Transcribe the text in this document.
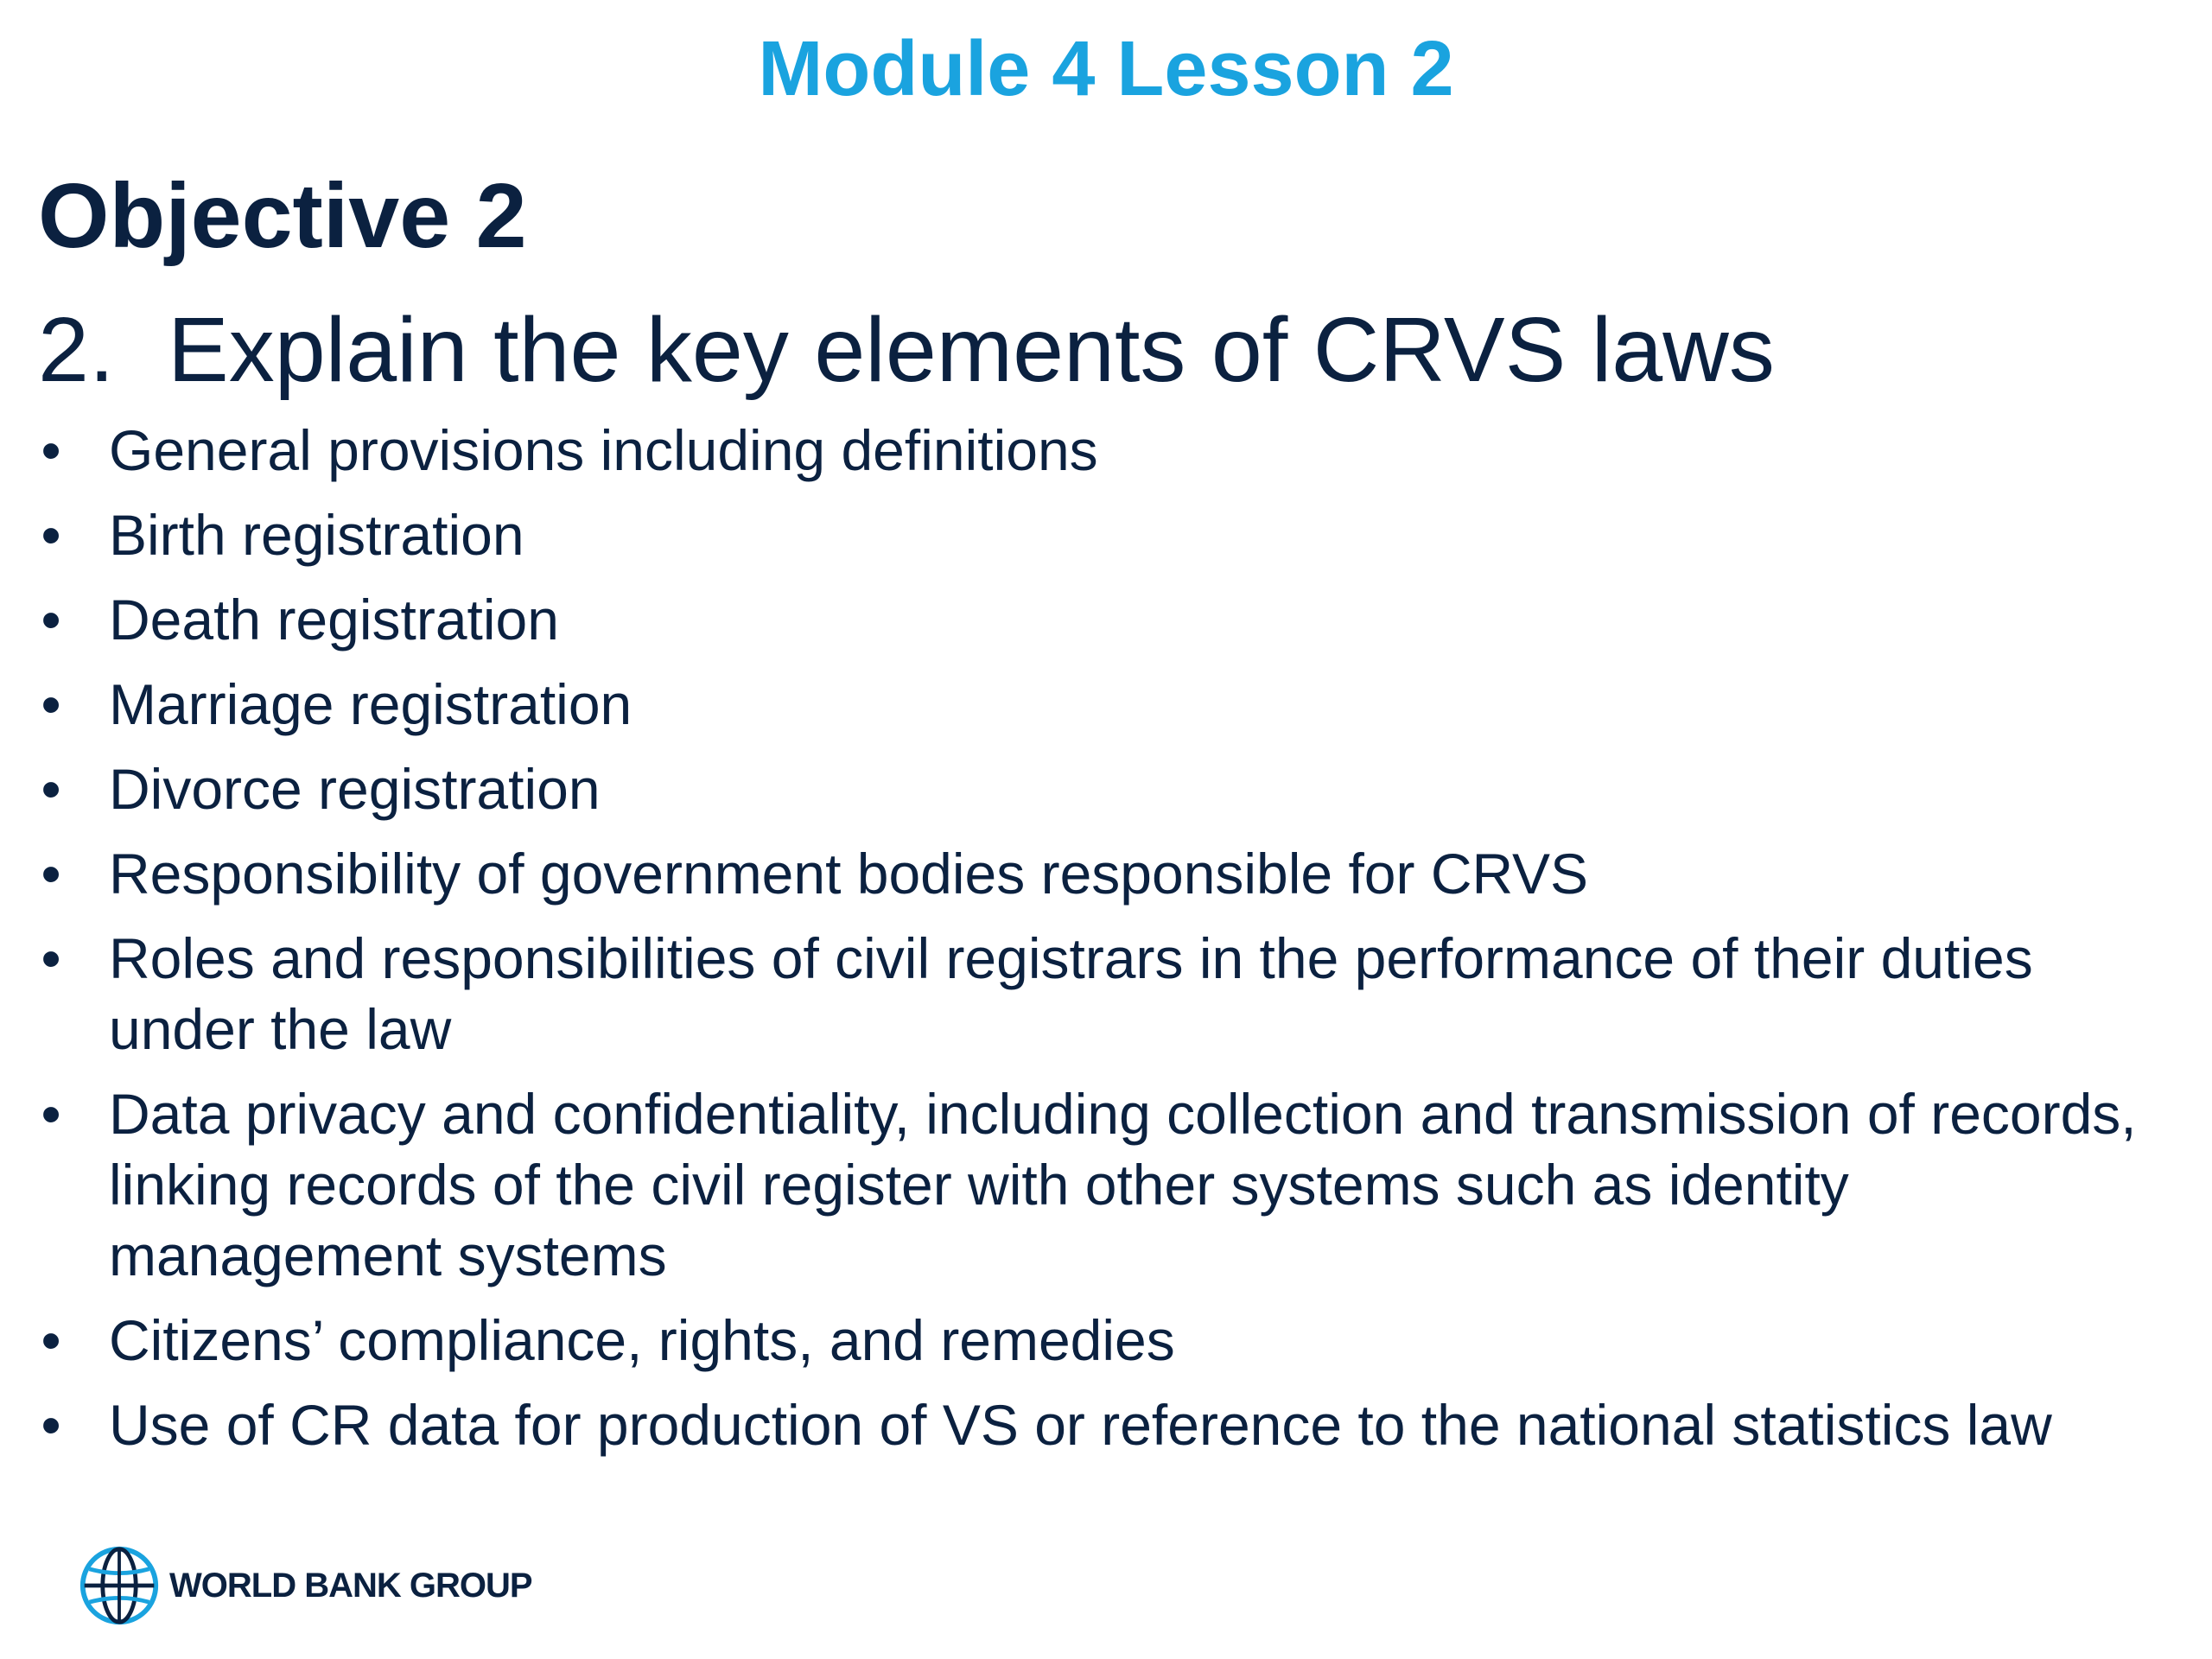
Module 4 Lesson 2
Objective 2
2. Explain the key elements of CRVS laws
• General provisions including definitions
• Birth registration
• Death registration
• Marriage registration
• Divorce registration
• Responsibility of government bodies responsible for CRVS
• Roles and responsibilities of civil registrars in the performance of their duties under the law
• Data privacy and confidentiality, including collection and transmission of records, linking records of the civil register with other systems such as identity management systems
• Citizens’ compliance, rights, and remedies
• Use of CR data for production of VS or reference to the national statistics law
WORLD BANK GROUP
